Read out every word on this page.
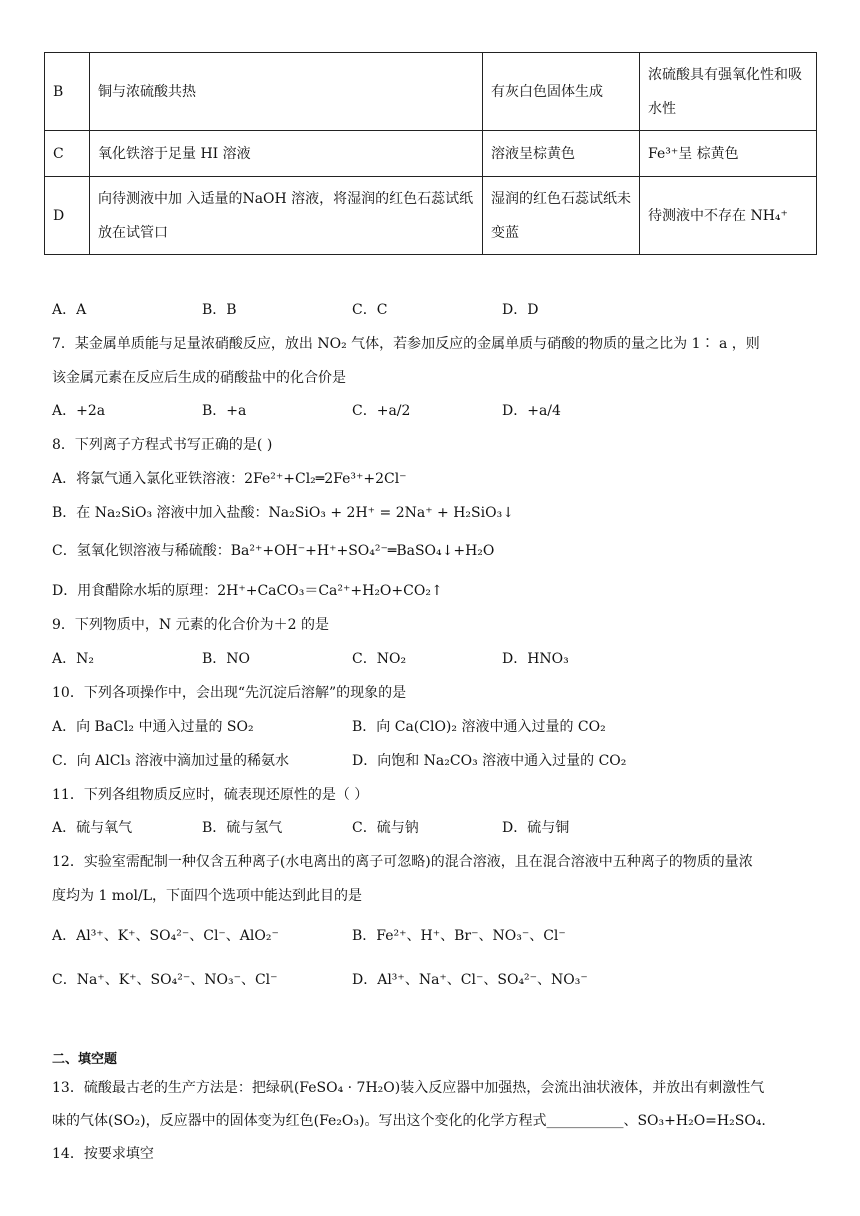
B	铜与浓硫酸共热	有灰白色固体生成	浓硫酸具有强氧化性和吸水性
C	氧化铁溶于足量 HI 溶液	溶液呈棕黄色	Fe³⁺呈 棕黄色
D	向待测液中加 入适量的NaOH 溶液，将湿润的红色石蕊试纸放在试管口	湿润的红色石蕊试纸未变蓝	待测液中不存在 NH₄⁺
A．A	B．B	C．C	D．D
7．某金属单质能与足量浓硝酸反应，放出 NO₂ 气体，若参加反应的金属单质与硝酸的物质的量之比为 1∶ a ，则
该金属元素在反应后生成的硝酸盐中的化合价是
A．+2a	B．+a	C．+a/2	D．+a/4
8．下列离子方程式书写正确的是( )
A．将氯气通入氯化亚铁溶液：2Fe²⁺+Cl₂═2Fe³⁺+2Cl⁻
B．在 Na₂SiO₃ 溶液中加入盐酸：Na₂SiO₃ + 2H⁺ = 2Na⁺ + H₂SiO₃↓
C．氢氧化钡溶液与稀硫酸：Ba²⁺+OH⁻+H⁺+SO₄²⁻═BaSO₄↓+H₂O
D．用食醋除水垢的原理：2H⁺+CaCO₃＝Ca²⁺+H₂O+CO₂↑
9．下列物质中，N 元素的化合价为＋2 的是
A．N₂	B．NO	C．NO₂	D．HNO₃
10．下列各项操作中，会出现“先沉淀后溶解”的现象的是
A．向 BaCl₂ 中通入过量的 SO₂	B．向 Ca(ClO)₂ 溶液中通入过量的 CO₂
C．向 AlCl₃ 溶液中滴加过量的稀氨水	D．向饱和 Na₂CO₃ 溶液中通入过量的 CO₂
11．下列各组物质反应时，硫表现还原性的是（ ）
A．硫与氧气	B．硫与氢气	C．硫与钠	D．硫与铜
12．实验室需配制一种仅含五种离子(水电离出的离子可忽略)的混合溶液，且在混合溶液中五种离子的物质的量浓
度均为 1 mol/L，下面四个选项中能达到此目的是
A．Al³⁺、K⁺、SO₄²⁻、Cl⁻、AlO₂⁻	B．Fe²⁺、H⁺、Br⁻、NO₃⁻、Cl⁻
C．Na⁺、K⁺、SO₄²⁻、NO₃⁻、Cl⁻	D．Al³⁺、Na⁺、Cl⁻、SO₄²⁻、NO₃⁻
二、填空题
13．硫酸最古老的生产方法是：把绿矾(FeSO₄ · 7H₂O)装入反应器中加强热，会流出油状液体，并放出有刺激性气
味的气体(SO₂)，反应器中的固体变为红色(Fe₂O₃)。写出这个变化的化学方程式___________、SO₃+H₂O=H₂SO₄.
14．按要求填空
